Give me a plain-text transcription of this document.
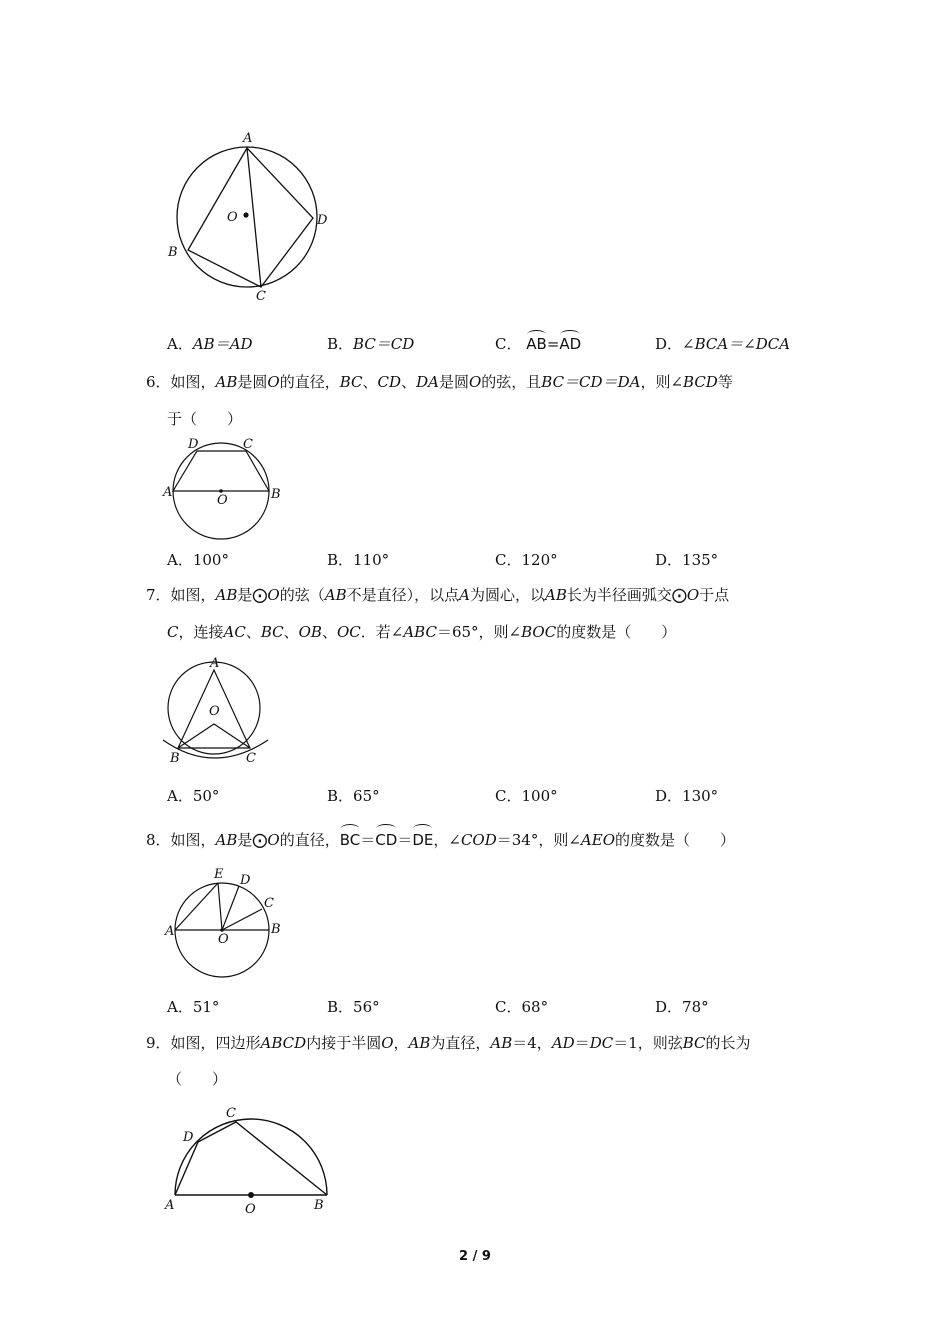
A
B
C
D
O
A．AB＝AD	B．BC＝CD	C． AB=AD	D．∠BCA＝∠DCA
6．如图，AB是圆O的直径，BC、CD、DA是圆O的弦，且BC＝CD＝DA，则∠BCD等
于（　　）
D	C
A	B
O
A．100°	B．110°	C．120°	D．135°
7．如图，AB是⨀O的弦（AB不是直径），以点A为圆心，以AB长为半径画弧交⨀O于点
C，连接AC、BC、OB、OC．若∠ABC＝65°，则∠BOC的度数是（　　）
A
O
B	C
A．50°	B．65°	C．100°	D．130°
8．如图，AB是⨀O的直径，BC＝CD＝DE，∠COD＝34°，则∠AEO的度数是（　　）
E D
C
A	B
O
A．51°	B．56°	C．68°	D．78°
9．如图，四边形ABCD内接于半圆O，AB为直径，AB＝4，AD＝DC＝1，则弦BC的长为
（　　）
C
D
A	B
O
2 / 9
